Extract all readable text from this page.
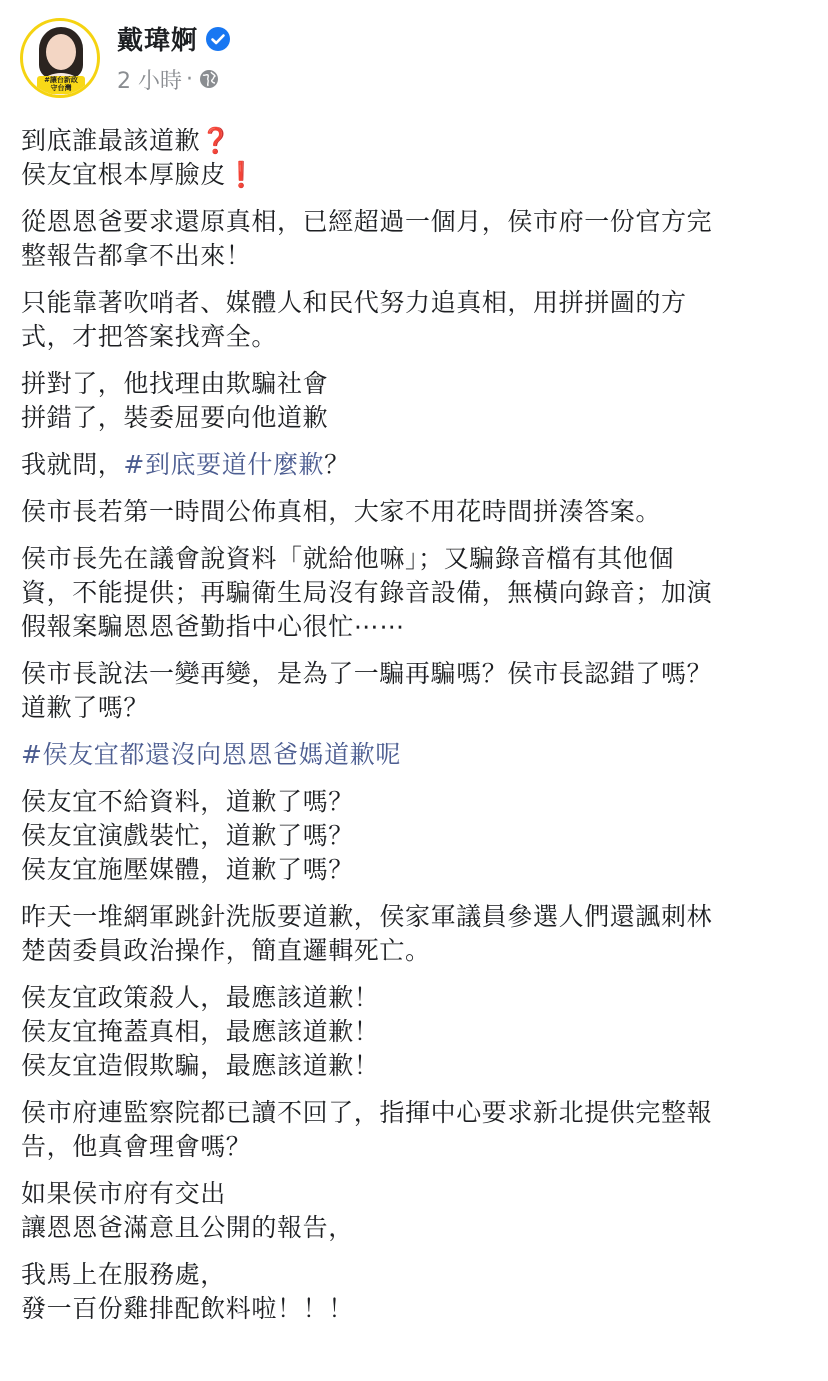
#讓台新政
守台灣
戴瑋婀
2 小時 ·
到底誰最該道歉❓
侯友宜根本厚臉皮❗
從恩恩爸要求還原真相，已經超過一個月，侯市府一份官方完
整報告都拿不出來！
只能靠著吹哨者、媒體人和民代努力追真相，用拼拼圖的方
式，才把答案找齊全。
拼對了，他找理由欺騙社會
拼錯了，裝委屈要向他道歉
我就問，#到底要道什麼歉？
侯市長若第一時間公佈真相，大家不用花時間拼湊答案。
侯市長先在議會說資料「就給他嘛」；又騙錄音檔有其他個
資，不能提供；再騙衛生局沒有錄音設備，無橫向錄音；加演
假報案騙恩恩爸勤指中心很忙⋯⋯
侯市長說法一變再變，是為了一騙再騙嗎？侯市長認錯了嗎？
道歉了嗎？
#侯友宜都還沒向恩恩爸媽道歉呢
侯友宜不給資料，道歉了嗎？
侯友宜演戲裝忙，道歉了嗎？
侯友宜施壓媒體，道歉了嗎？
昨天一堆網軍跳針洗版要道歉，侯家軍議員參選人們還諷刺林
楚茵委員政治操作，簡直邏輯死亡。
侯友宜政策殺人，最應該道歉！
侯友宜掩蓋真相，最應該道歉！
侯友宜造假欺騙，最應該道歉！
侯市府連監察院都已讀不回了，指揮中心要求新北提供完整報
告，他真會理會嗎？
如果侯市府有交出
讓恩恩爸滿意且公開的報告，
我馬上在服務處，
發一百份雞排配飲料啦！！！
